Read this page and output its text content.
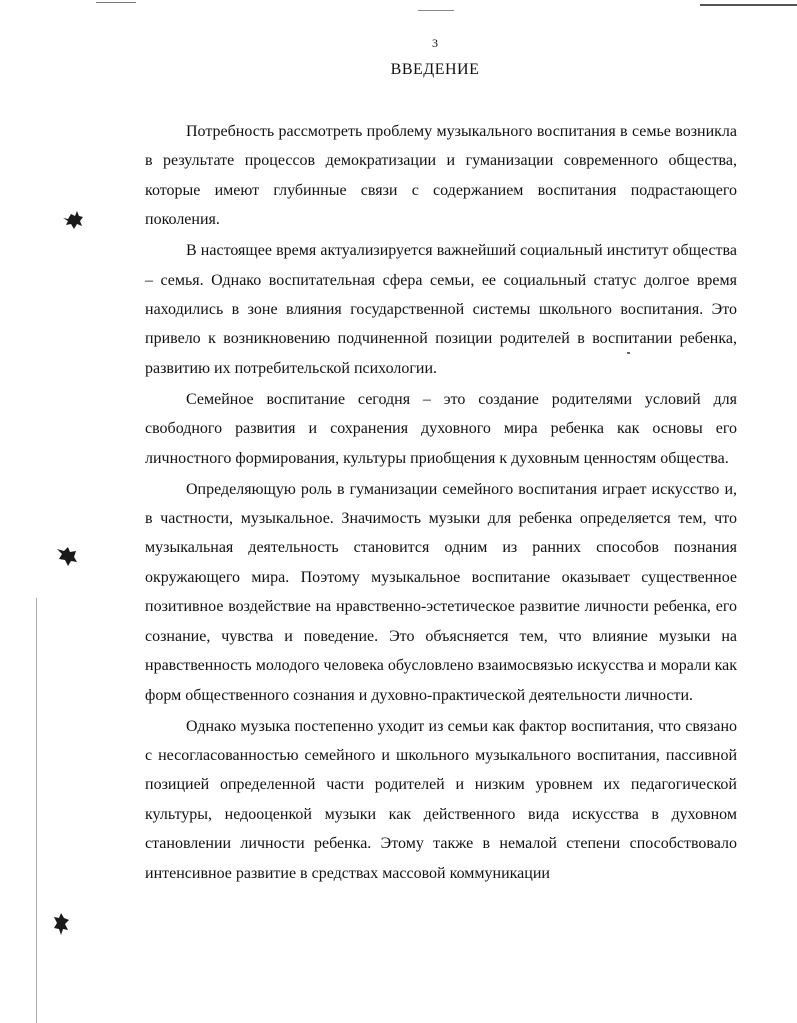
3
ВВЕДЕНИЕ

Потребность рассмотреть проблему музыкального воспитания в семье возникла в результате процессов демократизации и гуманизации современного общества, которые имеют глубинные связи с содержанием воспитания подрастающего поколения.

В настоящее время актуализируется важнейший социальный институт общества – семья. Однако воспитательная сфера семьи, ее социальный статус долгое время находились в зоне влияния государственной системы школьного воспитания. Это привело к возникновению подчиненной позиции родителей в воспитании ребенка, развитию их потребительской психологии.

Семейное воспитание сегодня – это создание родителями условий для свободного развития и сохранения духовного мира ребенка как основы его личностного формирования, культуры приобщения к духовным ценностям общества.

Определяющую роль в гуманизации семейного воспитания играет искусство и, в частности, музыкальное. Значимость музыки для ребенка определяется тем, что музыкальная деятельность становится одним из ранних способов познания окружающего мира. Поэтому музыкальное воспитание оказывает существенное позитивное воздействие на нравственно-эстетическое развитие личности ребенка, его сознание, чувства и поведение. Это объясняется тем, что влияние музыки на нравственность молодого человека обусловлено взаимосвязью искусства и морали как форм общественного сознания и духовно-практической деятельности личности.

Однако музыка постепенно уходит из семьи как фактор воспитания, что связано с несогласованностью семейного и школьного музыкального воспитания, пассивной позицией определенной части родителей и низким уровнем их педагогической культуры, недооценкой музыки как действенного вида искусства в духовном становлении личности ребенка. Этому также в немалой степени способствовало интенсивное развитие в средствах массовой коммуникации
